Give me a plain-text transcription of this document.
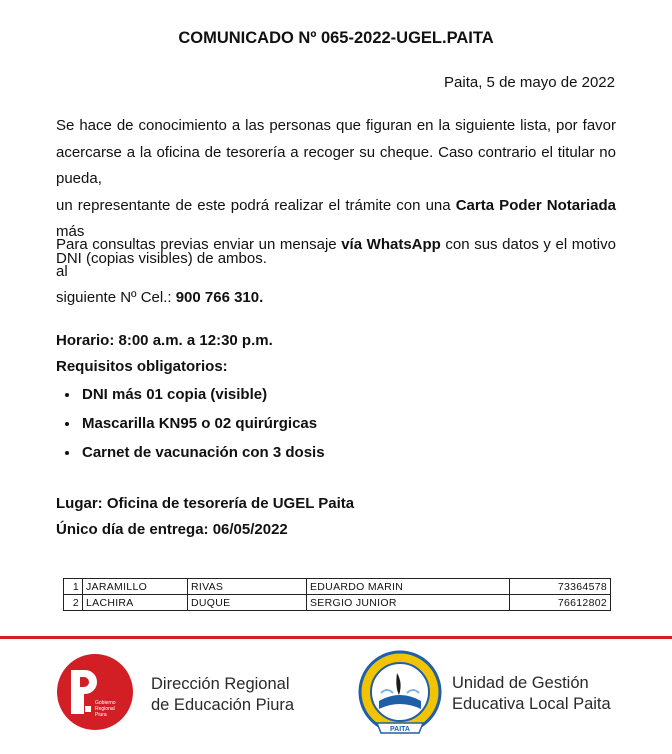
COMUNICADO Nº 065-2022-UGEL.PAITA
Paita, 5 de mayo de 2022
Se hace de conocimiento a las personas que figuran en la siguiente lista, por favor
acercarse a la oficina de tesorería a recoger su cheque. Caso contrario el titular no pueda,
un representante de este podrá realizar el trámite con una Carta Poder Notariada más
DNI (copias visibles) de ambos.
Para consultas previas enviar un mensaje vía WhatsApp con sus datos y el motivo al
siguiente Nº Cel.: 900 766 310.
Horario: 8:00 a.m. a 12:30 p.m.
Requisitos obligatorios:
• DNI más 01 copia (visible)
• Mascarilla KN95 o 02 quirúrgicas
• Carnet de vacunación con 3 dosis
Lugar: Oficina de tesorería de UGEL Paita
Único día de entrega: 06/05/2022
1	JARAMILLO	RIVAS	EDUARDO MARIN	73364578
2	LACHIRA	DUQUE	SERGIO JUNIOR	76612802
Gobierno
Regional
Piura
Dirección Regional
de Educación Piura
PAITA
Unidad de Gestión
Educativa Local Paita
